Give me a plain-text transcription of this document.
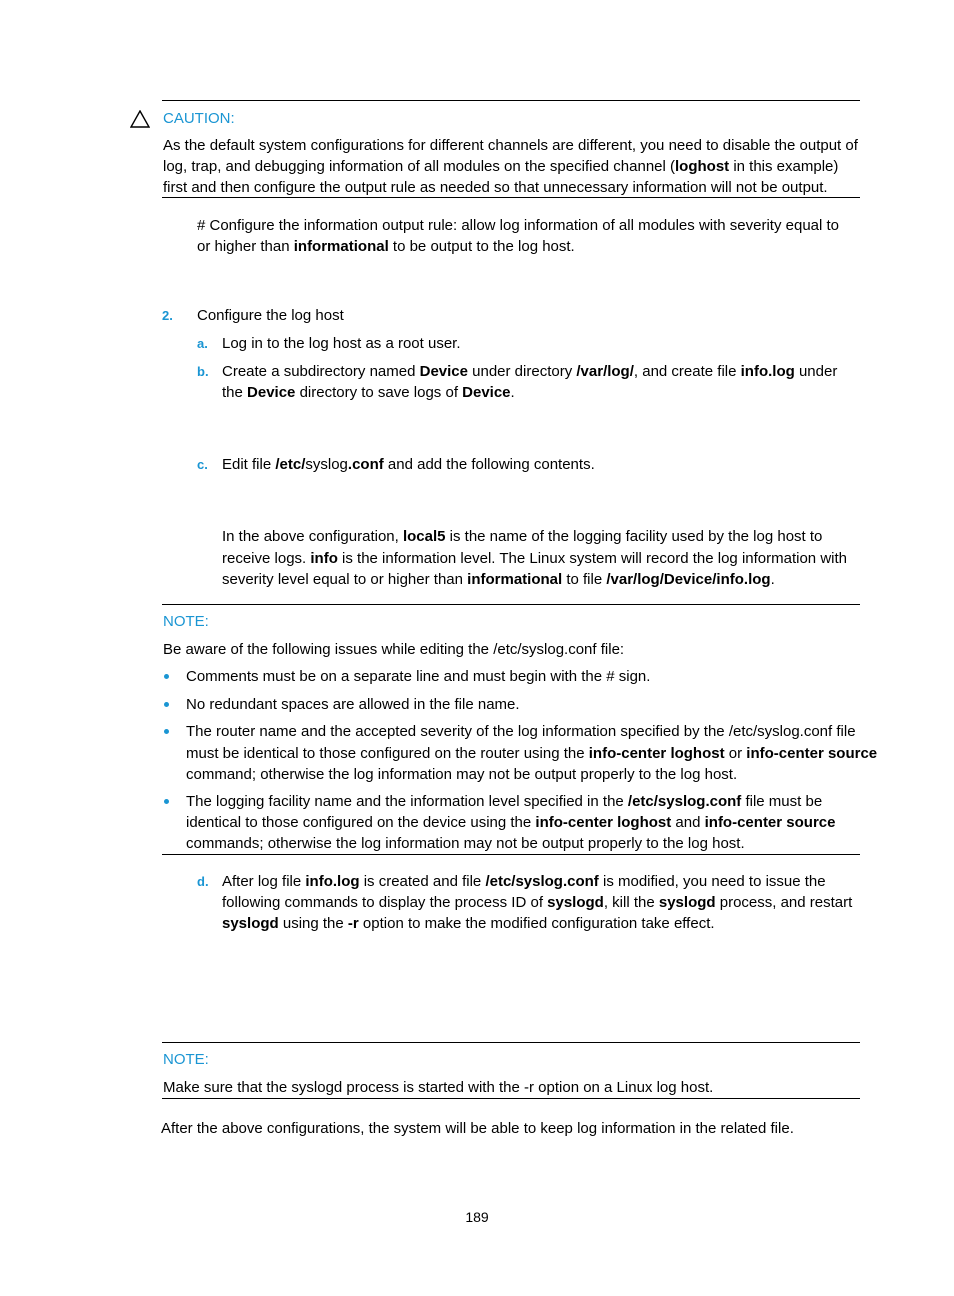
CAUTION:
As the default system configurations for different channels are different, you need to disable the output of
log, trap, and debugging information of all modules on the specified channel (loghost in this example)
first and then configure the output rule as needed so that unnecessary information will not be output.
# Configure the information output rule: allow log information of all modules with severity equal to
or higher than informational to be output to the log host.
2. Configure the log host
a. Log in to the log host as a root user.
b. Create a subdirectory named Device under directory /var/log/, and create file info.log under
the Device directory to save logs of Device.
c. Edit file /etc/syslog.conf and add the following contents.
In the above configuration, local5 is the name of the logging facility used by the log host to
receive logs. info is the information level. The Linux system will record the log information with
severity level equal to or higher than informational to file /var/log/Device/info.log.
NOTE:
Be aware of the following issues while editing the /etc/syslog.conf file:
Comments must be on a separate line and must begin with the # sign.
No redundant spaces are allowed in the file name.
The router name and the accepted severity of the log information specified by the /etc/syslog.conf file
must be identical to those configured on the router using the info-center loghost or info-center source
command; otherwise the log information may not be output properly to the log host.
The logging facility name and the information level specified in the /etc/syslog.conf file must be
identical to those configured on the device using the info-center loghost and info-center source
commands; otherwise the log information may not be output properly to the log host.
d. After log file info.log is created and file /etc/syslog.conf is modified, you need to issue the
following commands to display the process ID of syslogd, kill the syslogd process, and restart
syslogd using the -r option to make the modified configuration take effect.
NOTE:
Make sure that the syslogd process is started with the -r option on a Linux log host.
After the above configurations, the system will be able to keep log information in the related file.
189
